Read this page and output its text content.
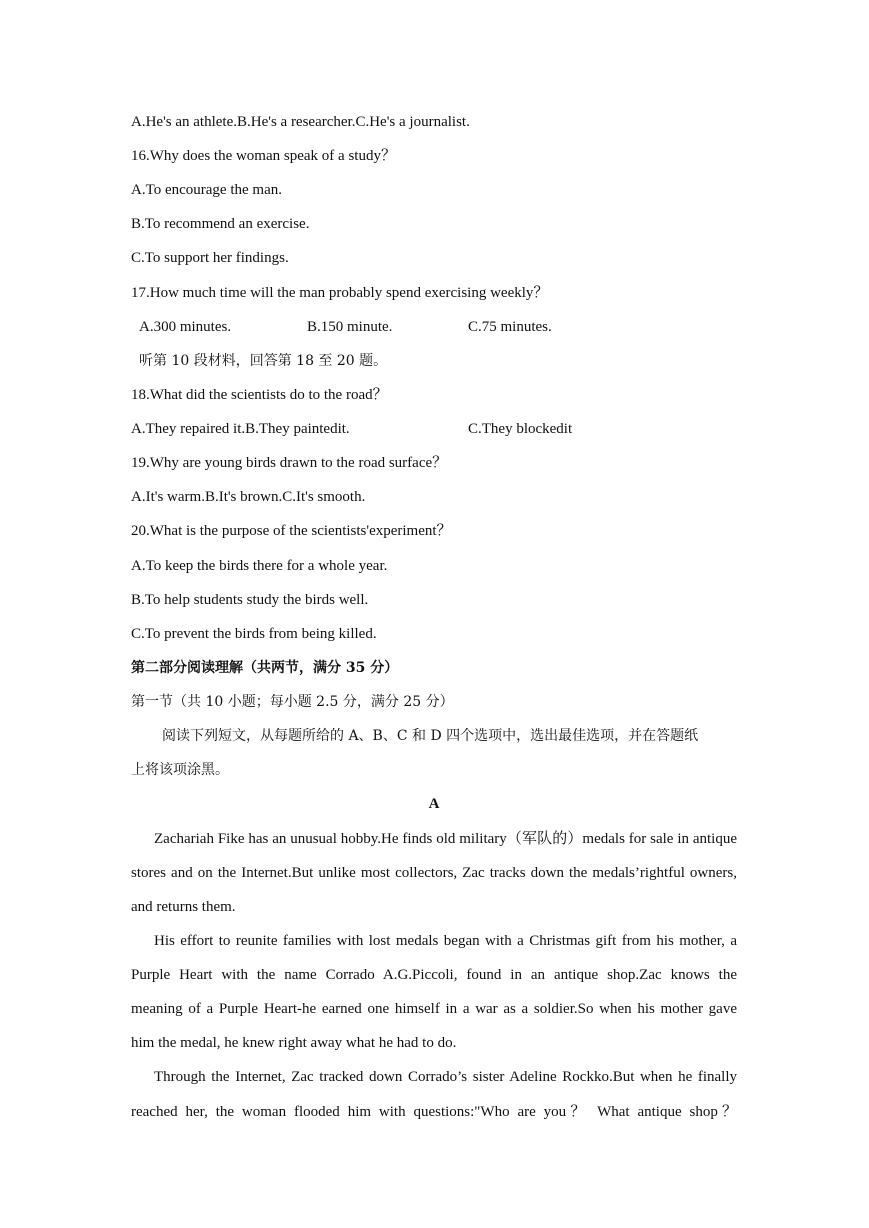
A.He's an athlete.B.He's a researcher.C.He's a journalist.
16.Why does the woman speak of a study？
A.To encourage the man.
B.To recommend an exercise.
C.To support her findings.
17.How much time will the man probably spend exercising weekly？
A.300 minutes.	B.150 minute.	C.75 minutes.
听第 10 段材料，回答第 18 至 20 题。
18.What did the scientists do to the road？
A.They repaired it.B.They paintedit.	C.They blockedit
19.Why are young birds drawn to the road surface？
A.It's warm.B.It's brown.C.It's smooth.
20.What is the purpose of the scientists'experiment？
A.To keep the birds there for a whole year.
B.To help students study the birds well.
C.To prevent the birds from being killed.
第二部分阅读理解（共两节，满分 35 分）
第一节（共 10 小题；每小题 2.5 分，满分 25 分）
阅读下列短文，从每题所给的 A、B、C 和 D 四个选项中，选出最佳选项，并在答题纸
上将该项涂黑。
A
Zachariah Fike has an unusual hobby.He finds old military（军队的）medals for sale in antique
stores and on the Internet.But unlike most collectors, Zac tracks down the medals’rightful owners,
and returns them.
His effort to reunite families with lost medals began with a Christmas gift from his mother, a
Purple Heart with the name Corrado A.G.Piccoli, found in an antique shop.Zac knows the
meaning of a Purple Heart-he earned one himself in a war as a soldier.So when his mother gave
him the medal, he knew right away what he had to do.
Through the Internet, Zac tracked down Corrado’s sister Adeline Rockko.But when he finally
reached her, the woman flooded him with questions:"Who are you？ What antique shop？
